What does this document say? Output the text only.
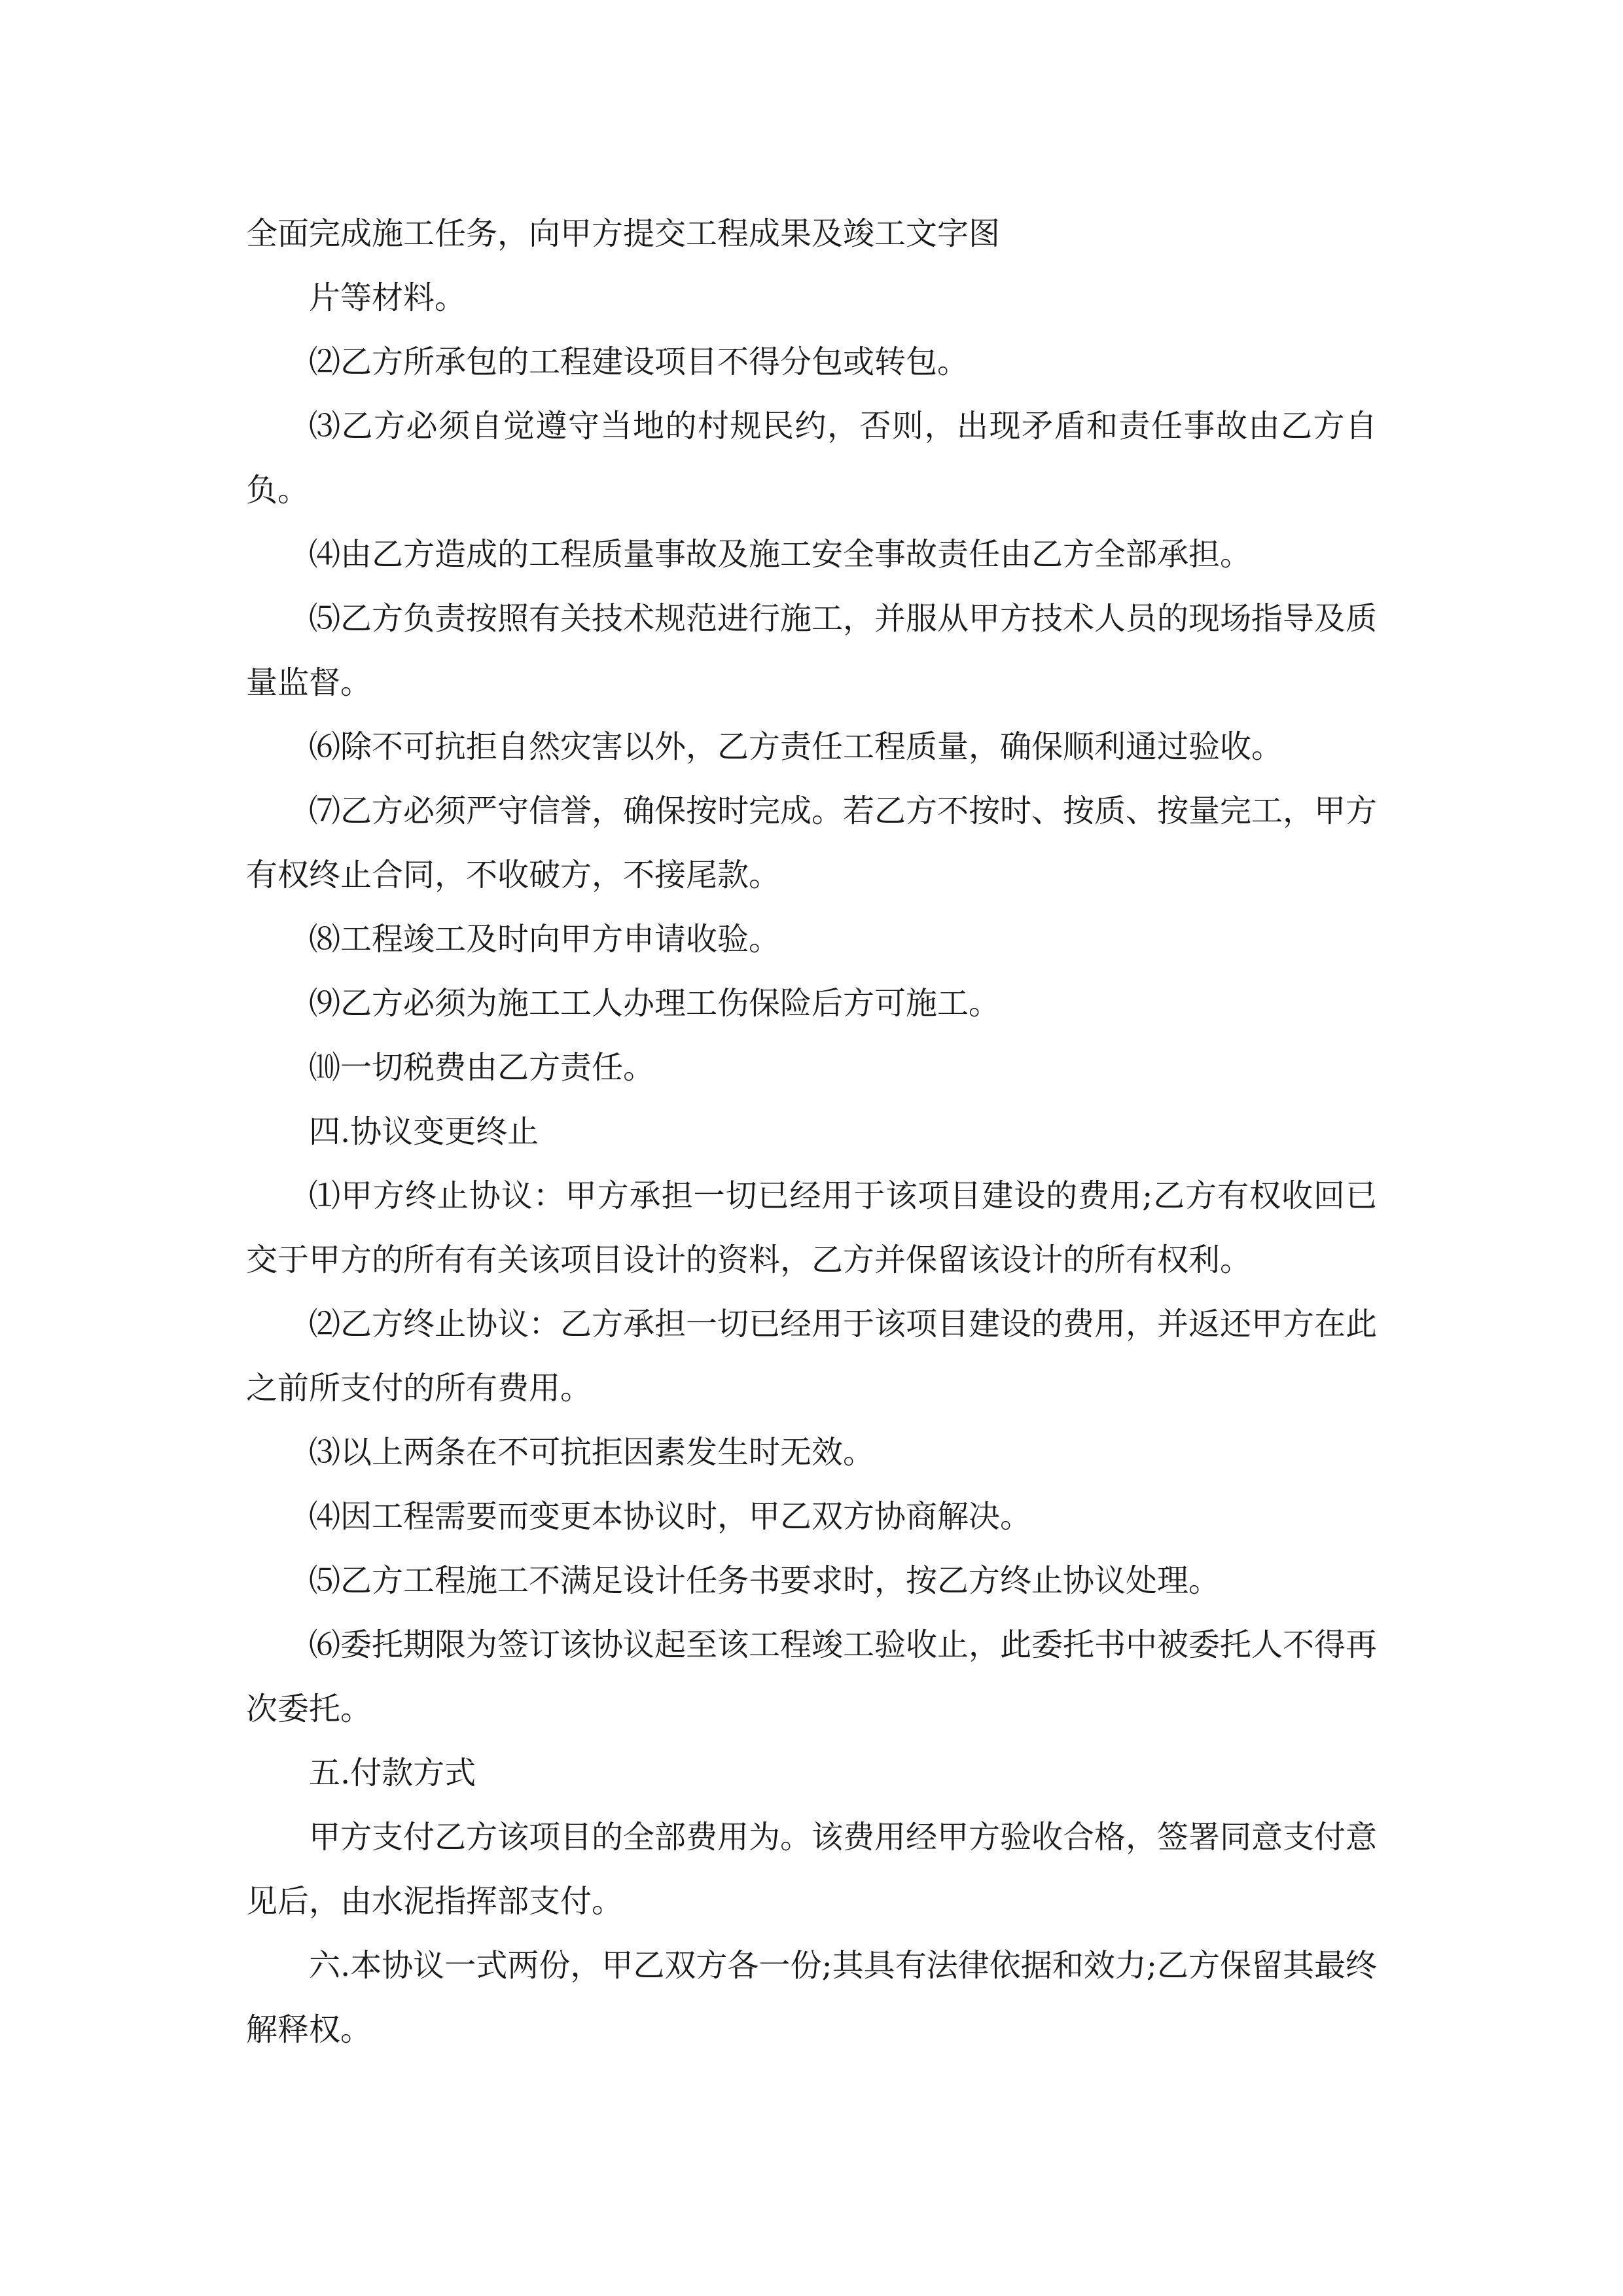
全面完成施工任务，向甲方提交工程成果及竣工文字图

片等材料。

⑵乙方所承包的工程建设项目不得分包或转包。

⑶乙方必须自觉遵守当地的村规民约，否则，出现矛盾和责任事故由乙方自负。

⑷由乙方造成的工程质量事故及施工安全事故责任由乙方全部承担。

⑸乙方负责按照有关技术规范进行施工，并服从甲方技术人员的现场指导及质量监督。

⑹除不可抗拒自然灾害以外，乙方责任工程质量，确保顺利通过验收。

⑺乙方必须严守信誉，确保按时完成。若乙方不按时、按质、按量完工，甲方有权终止合同，不收破方，不接尾款。

⑻工程竣工及时向甲方申请收验。

⑼乙方必须为施工工人办理工伤保险后方可施工。

⑽一切税费由乙方责任。

四.协议变更终止

⑴甲方终止协议：甲方承担一切已经用于该项目建设的费用;乙方有权收回已交于甲方的所有有关该项目设计的资料，乙方并保留该设计的所有权利。

⑵乙方终止协议：乙方承担一切已经用于该项目建设的费用，并返还甲方在此之前所支付的所有费用。

⑶以上两条在不可抗拒因素发生时无效。

⑷因工程需要而变更本协议时，甲乙双方协商解决。

⑸乙方工程施工不满足设计任务书要求时，按乙方终止协议处理。

⑹委托期限为签订该协议起至该工程竣工验收止，此委托书中被委托人不得再次委托。

五.付款方式

甲方支付乙方该项目的全部费用为。该费用经甲方验收合格，签署同意支付意见后，由水泥指挥部支付。

六.本协议一式两份，甲乙双方各一份;其具有法律依据和效力;乙方保留其最终解释权。
